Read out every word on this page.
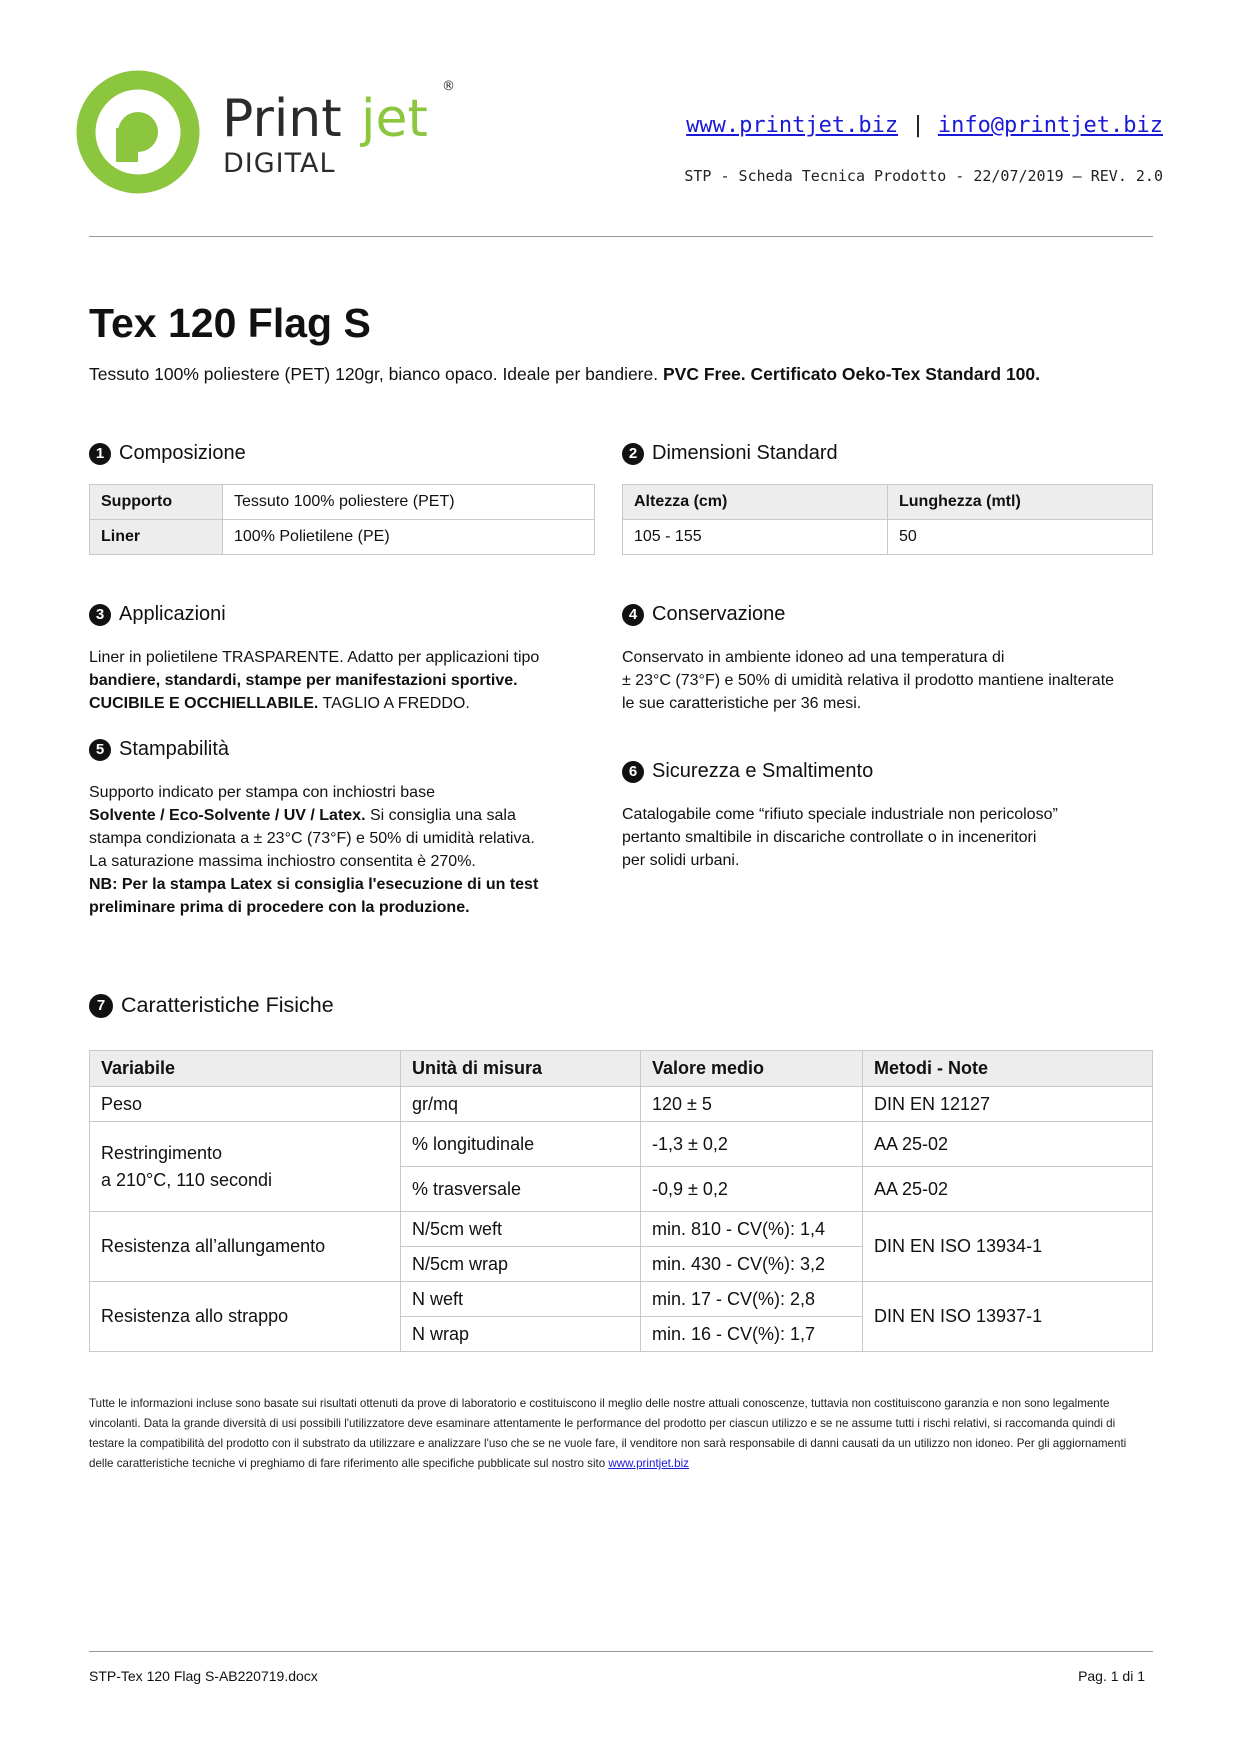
Print jet
®
DIGITAL
www.printjet.biz | info@printjet.biz
STP - Scheda Tecnica Prodotto - 22/07/2019 – REV. 2.0
Tex 120 Flag S
Tessuto 100% poliestere (PET) 120gr, bianco opaco. Ideale per bandiere. PVC Free. Certificato Oeko-Tex Standard 100.
1 Composizione
Supporto	Tessuto 100% poliestere (PET)
Liner	100% Polietilene (PE)
2 Dimensioni Standard
Altezza (cm)	Lunghezza (mtl)
105 - 155	50
3 Applicazioni
Liner in polietilene TRASPARENTE. Adatto per applicazioni tipo
bandiere, standardi, stampe per manifestazioni sportive.
CUCIBILE E OCCHIELLABILE. TAGLIO A FREDDO.
4 Conservazione
Conservato in ambiente idoneo ad una temperatura di
± 23°C (73°F) e 50% di umidità relativa il prodotto mantiene inalterate
le sue caratteristiche per 36 mesi.
5 Stampabilità
Supporto indicato per stampa con inchiostri base
Solvente / Eco-Solvente / UV / Latex. Si consiglia una sala
stampa condizionata a ± 23°C (73°F) e 50% di umidità relativa.
La saturazione massima inchiostro consentita è 270%.
NB: Per la stampa Latex si consiglia l'esecuzione di un test
preliminare prima di procedere con la produzione.
6 Sicurezza e Smaltimento
Catalogabile come “rifiuto speciale industriale non pericoloso”
pertanto smaltibile in discariche controllate o in inceneritori
per solidi urbani.
7 Caratteristiche Fisiche
Variabile	Unità di misura	Valore medio	Metodi - Note
Peso	gr/mq	120 ± 5	DIN EN 12127

Restringimento
a 210°C, 110 secondi	% longitudinale	-1,3 ± 0,2	AA 25-02
	% trasversale	-0,9 ± 0,2	AA 25-02
Resistenza all’allungamento	N/5cm weft	min. 810 - CV(%): 1,4	DIN EN ISO 13934-1
	N/5cm wrap	min. 430 - CV(%): 3,2	
Resistenza allo strappo	N weft	min. 17 - CV(%): 2,8	DIN EN ISO 13937-1
	N wrap	min. 16 - CV(%): 1,7	
Tutte le informazioni incluse sono basate sui risultati ottenuti da prove di laboratorio e costituiscono il meglio delle nostre attuali conoscenze, tuttavia non costituiscono garanzia e non sono legalmente vincolanti. Data la grande diversità di usi possibili l'utilizzatore deve esaminare attentamente le performance del prodotto per ciascun utilizzo e se ne assume tutti i rischi relativi, si raccomanda quindi di testare la compatibilità del prodotto con il substrato da utilizzare e analizzare l'uso che se ne vuole fare, il venditore non sarà responsabile di danni causati da un utilizzo non idoneo. Per gli aggiornamenti delle caratteristiche tecniche vi preghiamo di fare riferimento alle specifiche pubblicate sul nostro sito www.printjet.biz
STP-Tex 120 Flag S-AB220719.docx	Pag. 1 di 1
